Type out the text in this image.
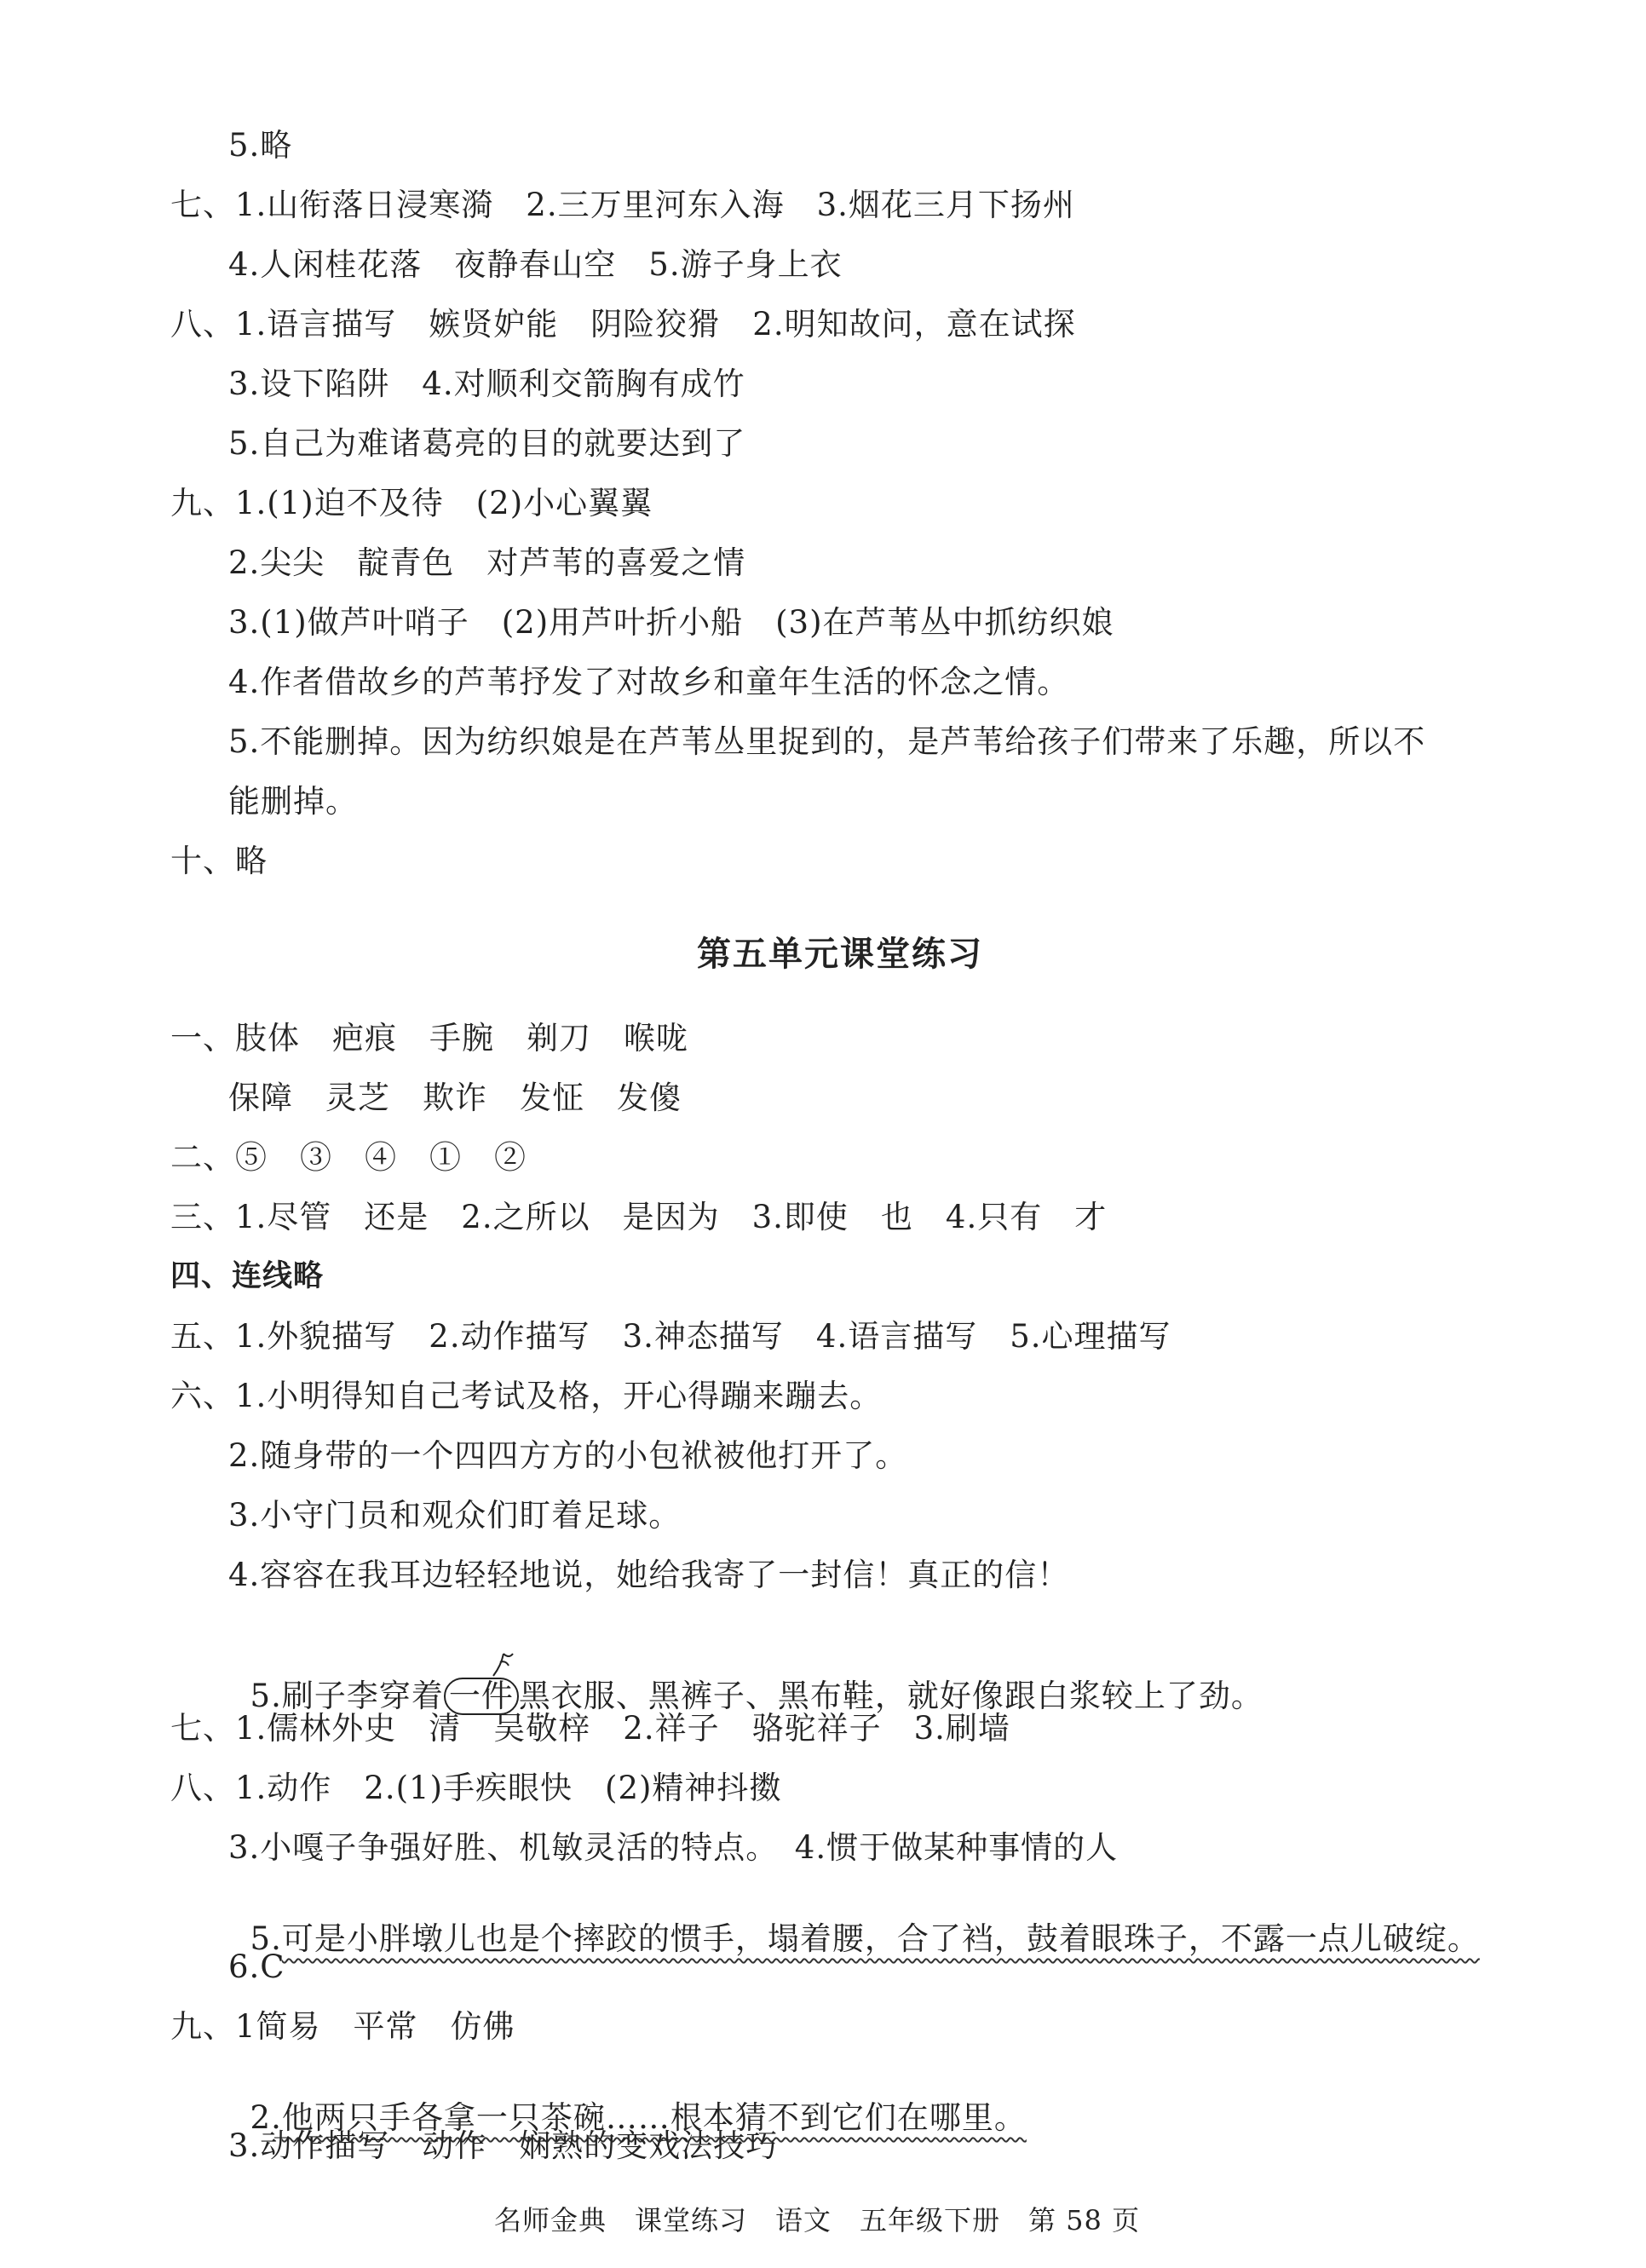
5.略
七、1.山衔落日浸寒漪　2.三万里河东入海　3.烟花三月下扬州
4.人闲桂花落　夜静春山空　5.游子身上衣
八、1.语言描写　嫉贤妒能　阴险狡猾　2.明知故问，意在试探
3.设下陷阱　4.对顺利交箭胸有成竹
5.自己为难诸葛亮的目的就要达到了
九、1.(1)迫不及待　(2)小心翼翼
2.尖尖　靛青色　对芦苇的喜爱之情
3.(1)做芦叶哨子　(2)用芦叶折小船　(3)在芦苇丛中抓纺织娘
4.作者借故乡的芦苇抒发了对故乡和童年生活的怀念之情。
5.不能删掉。因为纺织娘是在芦苇丛里捉到的，是芦苇给孩子们带来了乐趣，所以不
能删掉。
十、略
第五单元课堂练习
一、肢体　疤痕　手腕　剃刀　喉咙
保障　灵芝　欺诈　发怔　发傻
二、⑤　③　④　①　②
三、1.尽管　还是　2.之所以　是因为　3.即使　也　4.只有　才
四、连线略
五、1.外貌描写　2.动作描写　3.神态描写　4.语言描写　5.心理描写
六、1.小明得知自己考试及格，开心得蹦来蹦去。
2.随身带的一个四四方方的小包袱被他打开了。
3.小守门员和观众们盯着足球。
4.容容在我耳边轻轻地说，她给我寄了一封信！真正的信！

5.刷子李穿着 一件 黑衣服、黑裤子、黑布鞋，就好像跟白浆较上了劲。

七、1.儒林外史　清　吴敬梓　2.祥子　骆驼祥子　3.刷墙
八、1.动作　2.(1)手疾眼快　(2)精神抖擞
3.小嘎子争强好胜、机敏灵活的特点。　4.惯于做某种事情的人

5.可是小胖墩儿也是个摔跤的惯手，塌着腰，合了裆，鼓着眼珠子，不露一点儿破绽。

6.C
九、1简易　平常　仿佛

2.他两只手各拿一只茶碗……根本猜不到它们在哪里。

3.动作描写　动作　娴熟的变戏法技巧
名师金典　课堂练习　语文　五年级下册　第 58 页
